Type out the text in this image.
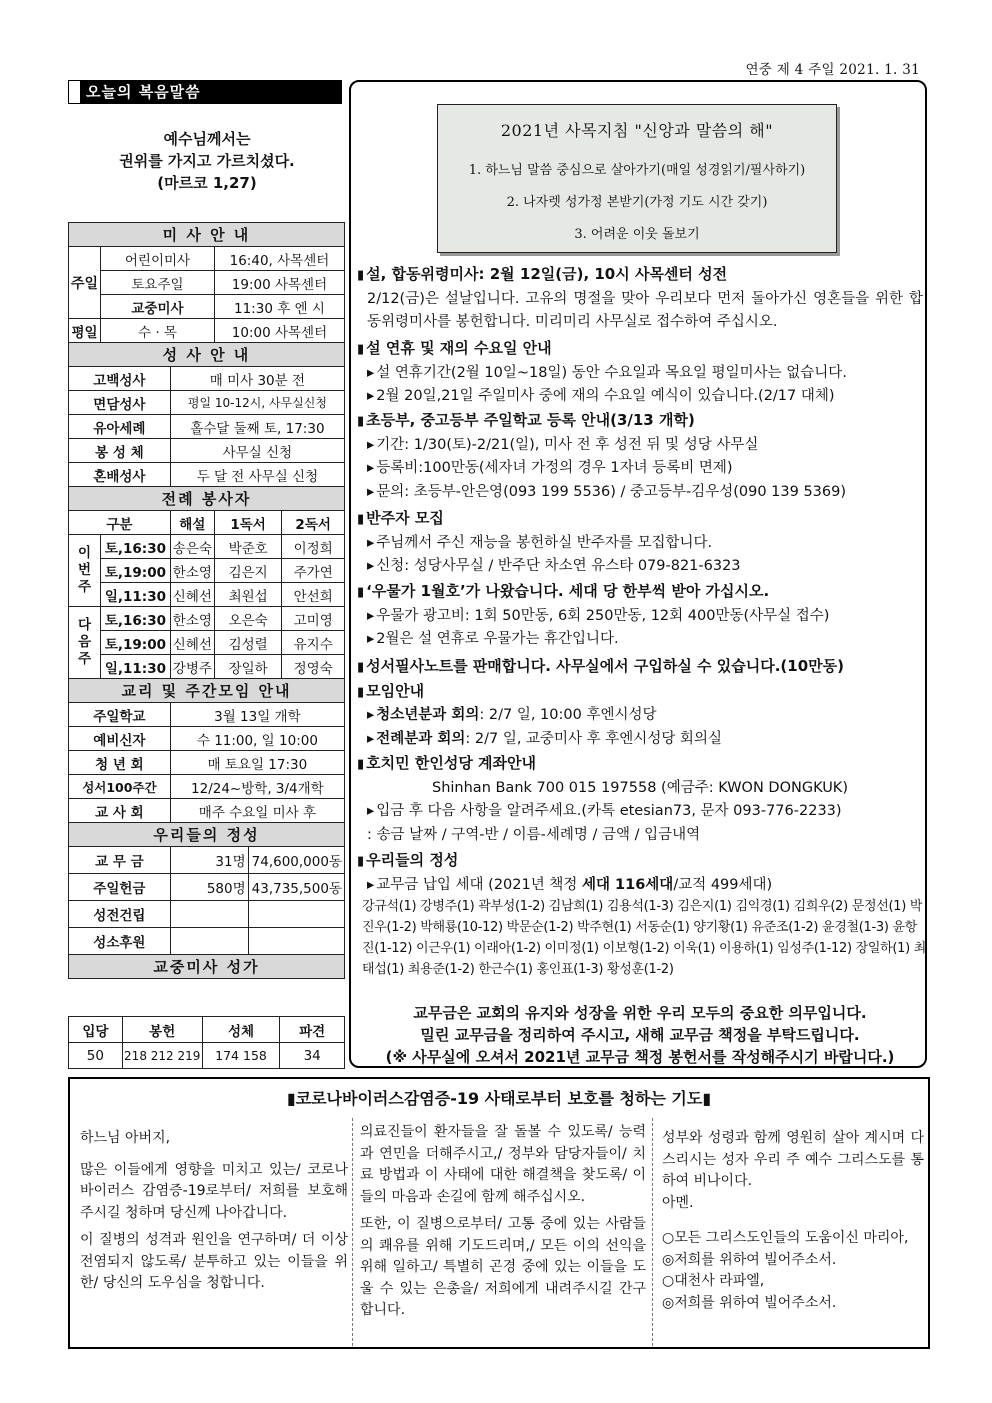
연중 제 4 주일 2021. 1. 31
오늘의 복음말씀
예수님께서는
권위를 가지고 가르치셨다.
(마르코 1,27)
미 사 안 내					
주일	어린이미사		16:40, 사목센터		
	토요주일		19:00 사목센터		
	교중미사		11:30 후 엔 시		
평일	수 · 목		10:00 사목센터		
성 사 안 내					
고백성사		매 미사 30분 전			
면담성사		평일 10-12시, 사무실신청			
유아세례		홀수달 둘째 토, 17:30			
봉 성 체		사무실 신청			
혼배성사		두 달 전 사무실 신청			
전례 봉사자					
구분		해설	1독서		2독서
이번주	토,16:30	송은숙	박준호		이정희
	토,19:00	한소영	김은지		주가연
	일,11:30	신혜선	최원섭		안선희
다음주	토,16:30	한소영	오은숙		고미영
	토,19:00	신혜선	김성렬		유지수
	일,11:30	강병주	장일하		정영숙
교리 및 주간모임 안내					
주일학교		3월 13일 개학			
예비신자		수 11:00, 일 10:00			
청 년 회		매 토요일 17:30			
성서100주간		12/24~방학, 3/4개학			
교 사 회		매주 수요일 미사 후			
우리들의 정성					
교 무 금		31명		74,600,000동	
주일헌금		580명		43,735,500동	
성전건립					
성소후원					
교중미사 성가					
입당	봉헌	성체	파견
50	218 212 219	174 158	34
2021년 사목지침 "신앙과 말씀의 해"
1. 하느님 말씀 중심으로 살아가기(매일 성경읽기/필사하기)
2. 나자렛 성가정 본받기(가정 기도 시간 갖기)
3. 어려운 이웃 돌보기
▮ 설, 합동위령미사: 2월 12일(금), 10시 사목센터 성전
2/12(금)은 설날입니다. 고유의 명절을 맞아 우리보다 먼저 돌아가신 영혼들을 위한 합동위령미사를 봉헌합니다. 미리미리 사무실로 접수하여 주십시오.
▮ 설 연휴 및 재의 수요일 안내
▸ 설 연휴기간(2월 10일~18일) 동안 수요일과 목요일 평일미사는 없습니다.
▸ 2월 20일,21일 주일미사 중에 재의 수요일 예식이 있습니다.(2/17 대체)
▮ 초등부, 중고등부 주일학교 등록 안내(3/13 개학)
▸ 기간: 1/30(토)-2/21(일), 미사 전 후 성전 뒤 및 성당 사무실
▸ 등록비:100만동(세자녀 가정의 경우 1자녀 등록비 면제)
▸ 문의: 초등부-안은영(093 199 5536) / 중고등부-김우성(090 139 5369)
▮ 반주자 모집
▸ 주님께서 주신 재능을 봉헌하실 반주자를 모집합니다.
▸ 신청: 성당사무실 / 반주단 차소연 유스타 079-821-6323
▮ ‘우물가 1월호’가 나왔습니다. 세대 당 한부씩 받아 가십시오.
▸ 우물가 광고비: 1회 50만동, 6회 250만동, 12회 400만동(사무실 접수)
▸ 2월은 설 연휴로 우물가는 휴간입니다.
▮ 성서필사노트를 판매합니다. 사무실에서 구입하실 수 있습니다.(10만동)
▮ 모임안내
▸ 청소년분과 회의: 2/7 일, 10:00 후엔시성당
▸ 전례분과 회의: 2/7 일, 교중미사 후 후엔시성당 회의실
▮ 호치민 한인성당 계좌안내
Shinhan Bank 700 015 197558 (예금주: KWON DONGKUK)
▸ 입금 후 다음 사항을 알려주세요.(카톡 etesian73, 문자 093-776-2233)
: 송금 날짜 / 구역-반 / 이름-세례명 / 금액 / 입금내역
▮ 우리들의 정성
▸ 교무금 납입 세대 (2021년 책정 세대 116세대/교적 499세대)
강규석(1) 강병주(1) 곽부성(1-2) 김남희(1) 김용석(1-3) 김은지(1) 김익경(1) 김희우(2) 문정선(1) 박진우(1-2) 박해룡(10-12) 박문순(1-2) 박주현(1) 서동순(1) 양기황(1) 유준조(1-2) 윤경철(1-3) 윤항진(1-12) 이근우(1) 이래아(1-2) 이미정(1) 이보형(1-2) 이욱(1) 이용하(1) 임성주(1-12) 장일하(1) 최태섭(1) 최용준(1-2) 한근수(1) 홍인표(1-3) 황성훈(1-2)
교무금은 교회의 유지와 성장을 위한 우리 모두의 중요한 의무입니다.
밀린 교무금을 정리하여 주시고, 새해 교무금 책정을 부탁드립니다.
(※ 사무실에 오셔서 2021년 교무금 책정 봉헌서를 작성해주시기 바랍니다.)
▮코로나바이러스감염증-19 사태로부터 보호를 청하는 기도▮

하느님 아버지,

많은 이들에게 영향을 미치고 있는/ 코로나 바이러스 감염증-19로부터/ 저희를 보호해주시길 청하며 당신께 나아갑니다.

이 질병의 성격과 원인을 연구하며/ 더 이상 전염되지 않도록/ 분투하고 있는 이들을 위한/ 당신의 도우심을 청합니다.

의료진들이 환자들을 잘 돌볼 수 있도록/ 능력과 연민을 더해주시고,/ 정부와 담당자들이/ 치료 방법과 이 사태에 대한 해결책을 찾도록/ 이들의 마음과 손길에 함께 해주십시오.

또한, 이 질병으로부터/ 고통 중에 있는 사람들의 쾌유를 위해 기도드리며,/ 모든 이의 선익을 위해 일하고/ 특별히 곤경 중에 있는 이들을 도울 수 있는 은총을/ 저희에게 내려주시길 간구합니다.

성부와 성령과 함께 영원히 살아 계시며 다스리시는 성자 우리 주 예수 그리스도를 통하여 비나이다.

아멘.

○모든 그리스도인들의 도움이신 마리아,
◎저희를 위하여 빌어주소서.
○대천사 라파엘,
◎저희를 위하여 빌어주소서.
